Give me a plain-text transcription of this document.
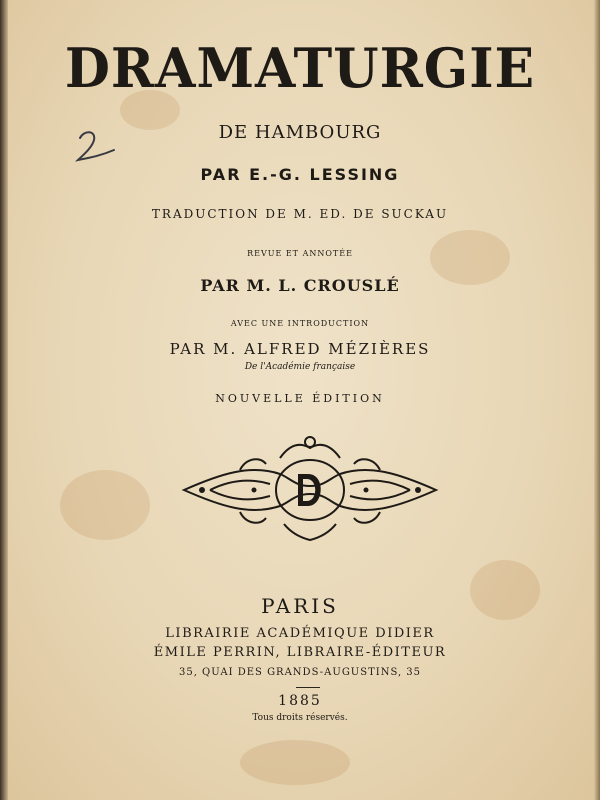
DRAMATURGIE
DE HAMBOURG
PAR E.-G. LESSING
TRADUCTION DE M. ED. DE SUCKAU
REVUE ET ANNOTÉE
PAR M. L. CROUSLÉ
AVEC UNE INTRODUCTION
PAR M. ALFRED MÉZIÈRES
De l'Académie française
NOUVELLE ÉDITION
PARIS
LIBRAIRIE ACADÉMIQUE DIDIER
ÉMILE PERRIN, LIBRAIRE-ÉDITEUR
35, QUAI DES GRANDS-AUGUSTINS, 35
1885
Tous droits réservés.
